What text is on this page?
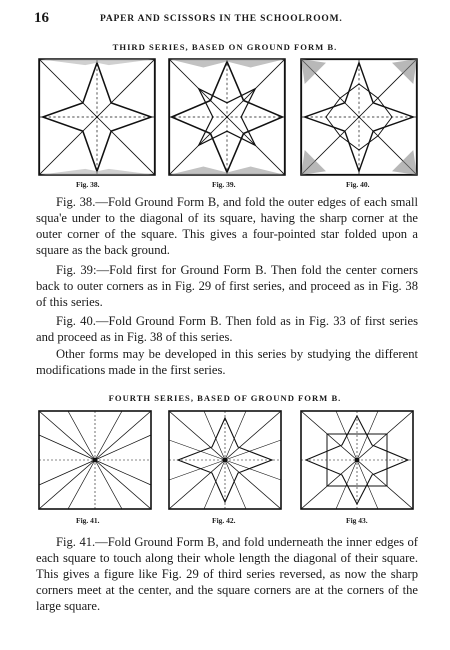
16	PAPER AND SCISSORS IN THE SCHOOLROOM.
THIRD SERIES, BASED ON GROUND FORM B.
Fig. 38.	Fig. 39.	Fig. 40.

Fig. 38.—Fold Ground Form B, and fold the outer edges of each small squa'e under to the diagonal of its square, having the sharp corner at the outer corner of the square. This gives a four-pointed star folded upon a square as the back ground.

Fig. 39:—Fold first for Ground Form B. Then fold the center corners back to outer corners as in Fig. 29 of first series, and proceed as in Fig. 38 of this series.

Fig. 40.—Fold Ground Form B. Then fold as in Fig. 33 of first series and proceed as in Fig. 38 of this series.

Other forms may be developed in this series by studying the different modifications made in the first series.

FOURTH SERIES, BASED OF GROUND FORM B.
Fig. 41.	Fig. 42.	Fig 43.

Fig. 41.—Fold Ground Form B, and fold underneath the inner edges of each square to touch along their whole length the diagonal of their square. This gives a figure like Fig. 29 of third series reversed, as now the sharp corners meet at the center, and the square corners are at the corners of the large square.
